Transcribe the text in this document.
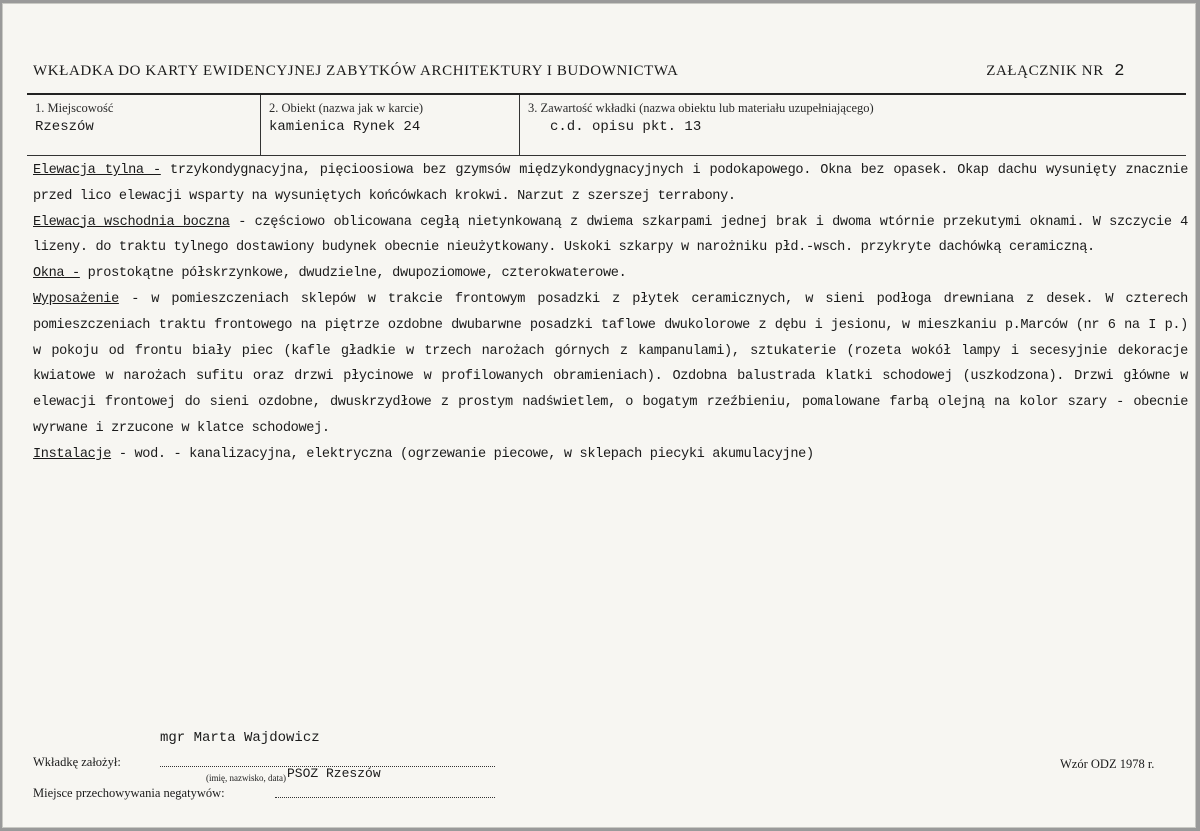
WKŁADKA DO KARTY EWIDENCYJNEJ ZABYTKÓW ARCHITEKTURY I BUDOWNICTWA	ZAŁĄCZNIK NR 2
1. Miejscowość
Rzeszów
2. Obiekt (nazwa jak w karcie)
kamienica Rynek 24
3. Zawartość wkładki (nazwa obiektu lub materiału uzupełniającego)
c.d. opisu pkt. 13

Elewacja tylna - trzykondygnacyjna, pięcioosiowa bez gzymsów międzykondygnacyjnych i podokapowego. Okna bez opasek. Okap dachu wysunięty znacznie przed lico elewacji wsparty na wysuniętych końcówkach krokwi. Narzut z szerszej terrabony.

Elewacja wschodnia boczna - częściowo oblicowana cegłą nietynkowaną z dwiema szkarpami jednej brak i dwoma wtórnie przekutymi oknami. W szczycie 4 lizeny. do traktu tylnego dostawiony budynek obecnie nieużytkowany. Uskoki szkarpy w narożniku płd.-wsch. przykryte dachówką ceramiczną.

Okna - prostokątne półskrzynkowe, dwudzielne, dwupoziomowe, czterokwaterowe.

Wyposażenie - w pomieszczeniach sklepów w trakcie frontowym posadzki z płytek ceramicznych, w sieni podłoga drewniana z desek. W czterech pomieszczeniach traktu frontowego na piętrze ozdobne dwubarwne posadzki taflowe dwukolorowe z dębu i jesionu, w mieszkaniu p.Marców (nr 6 na I p.) w pokoju od frontu biały piec (kafle gładkie w trzech narożach górnych z kampanulami), sztukaterie (rozeta wokół lampy i secesyjnie dekoracje kwiatowe w narożach sufitu oraz drzwi płycinowe w profilowanych obramieniach). Ozdobna balustrada klatki schodowej (uszkodzona). Drzwi główne w elewacji frontowej do sieni ozdobne, dwuskrzydłowe z prostym nadświetlem, o bogatym rzeźbieniu, pomalowane farbą olejną na kolor szary - obecnie wyrwane i zrzucone w klatce schodowej.

Instalacje - wod. - kanalizacyjna, elektryczna (ogrzewanie piecowe, w sklepach piecyki akumulacyjne)

mgr Marta Wajdowicz
Wkładkę założył:
(imię, nazwisko, data) PSOZ Rzeszów
Miejsce przechowywania negatywów:
Wzór ODZ 1978 r.
